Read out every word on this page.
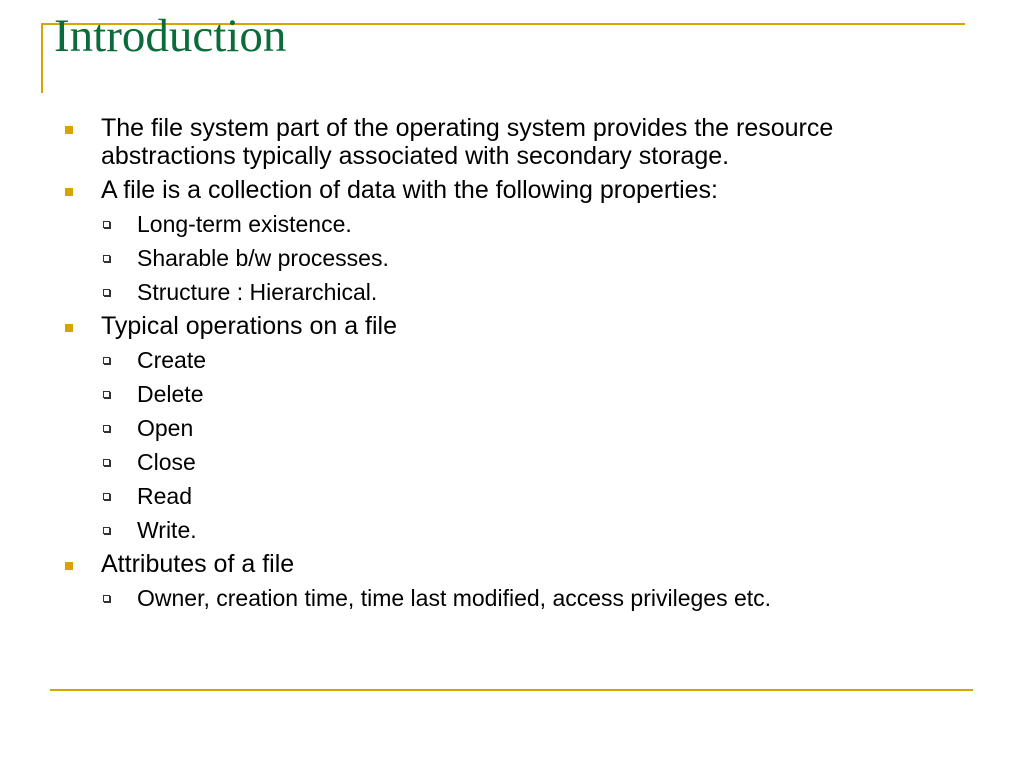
Introduction
The file system part of the operating system provides the resource abstractions typically associated with secondary storage.
A file is a collection of data with the following properties:
Long-term existence.
Sharable b/w processes.
Structure : Hierarchical.
Typical operations on a file
Create
Delete
Open
Close
Read
Write.
Attributes of a file
Owner, creation time, time last modified, access privileges etc.
